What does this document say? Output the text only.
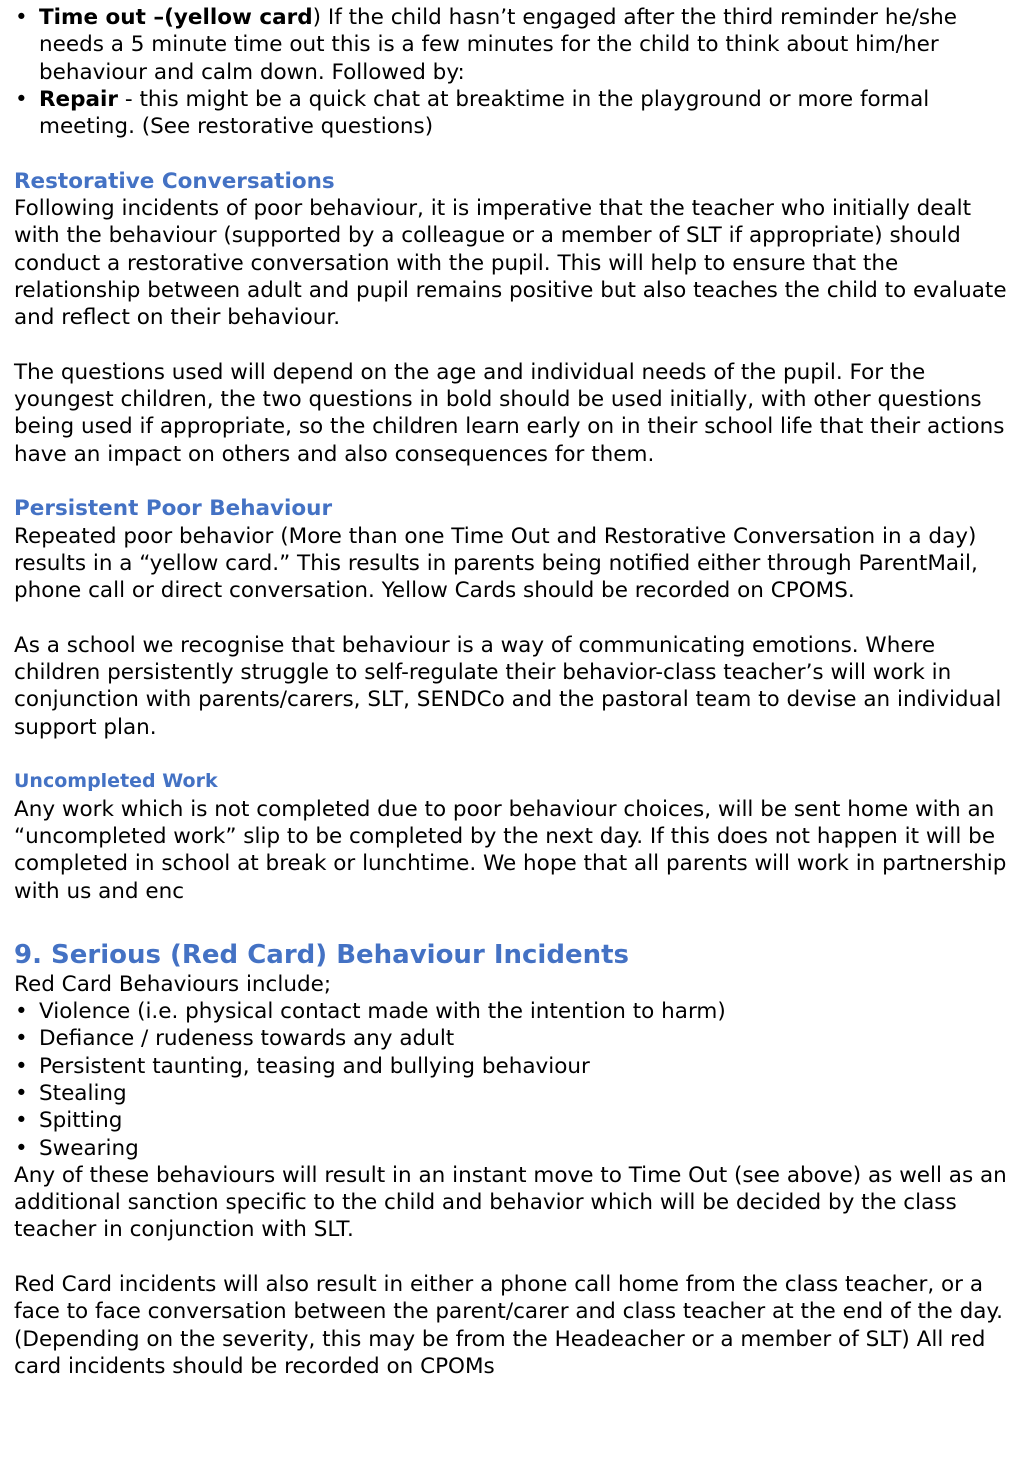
• Time out –(yellow card) If the child hasn’t engaged after the third reminder he/she needs a 5 minute time out this is a few minutes for the child to think about him/her behaviour and calm down. Followed by:
• Repair - this might be a quick chat at breaktime in the playground or more formal meeting. (See restorative questions)

Restorative Conversations

Following incidents of poor behaviour, it is imperative that the teacher who initially dealt with the behaviour (supported by a colleague or a member of SLT if appropriate) should conduct a restorative conversation with the pupil. This will help to ensure that the relationship between adult and pupil remains positive but also teaches the child to evaluate and reflect on their behaviour.

The questions used will depend on the age and individual needs of the pupil. For the youngest children, the two questions in bold should be used initially, with other questions being used if appropriate, so the children learn early on in their school life that their actions have an impact on others and also consequences for them.

Persistent Poor Behaviour

Repeated poor behavior (More than one Time Out and Restorative Conversation in a day) results in a “yellow card.” This results in parents being notified either through ParentMail, phone call or direct conversation. Yellow Cards should be recorded on CPOMS.

As a school we recognise that behaviour is a way of communicating emotions. Where children persistently struggle to self-regulate their behavior-class teacher’s will work in conjunction with parents/carers, SLT, SENDCo and the pastoral team to devise an individual support plan.

Uncompleted Work

Any work which is not completed due to poor behaviour choices, will be sent home with an “uncompleted work” slip to be completed by the next day. If this does not happen it will be completed in school at break or lunchtime. We hope that all parents will work in partnership with us and enc

9. Serious (Red Card) Behaviour Incidents

Red Card Behaviours include;

• Violence (i.e. physical contact made with the intention to harm)
• Defiance / rudeness towards any adult
• Persistent taunting, teasing and bullying behaviour
• Stealing
• Spitting
• Swearing

Any of these behaviours will result in an instant move to Time Out (see above) as well as an additional sanction specific to the child and behavior which will be decided by the class teacher in conjunction with SLT.

Red Card incidents will also result in either a phone call home from the class teacher, or a face to face conversation between the parent/carer and class teacher at the end of the day. (Depending on the severity, this may be from the Headeacher or a member of SLT) All red card incidents should be recorded on CPOMs
